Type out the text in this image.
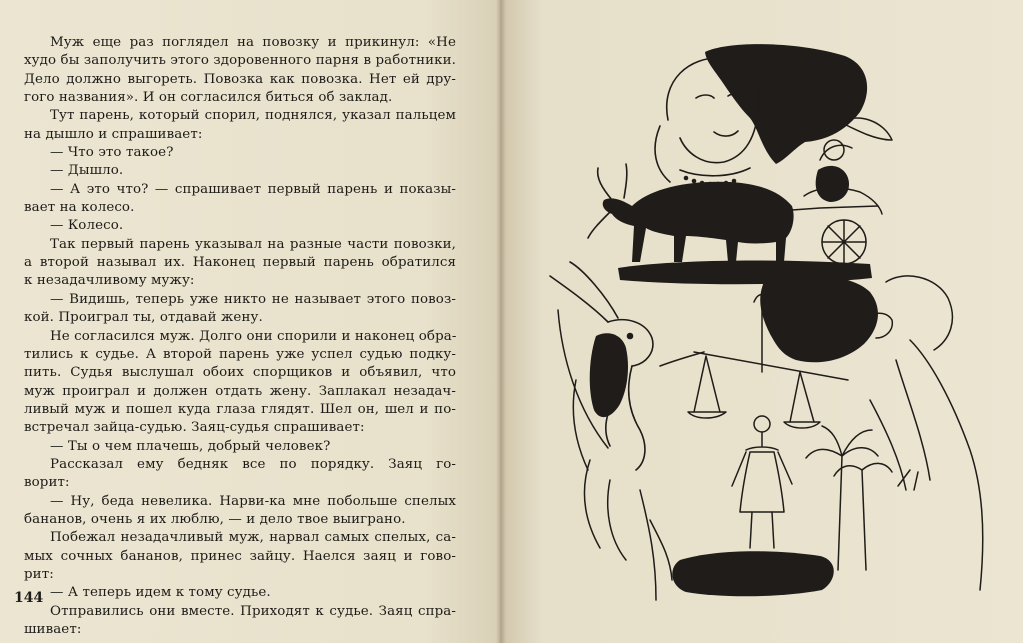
Муж еще раз поглядел на повозку и прикинул: «Не
худо бы заполучить этого здоровенного парня в работники.
Дело должно выгореть. Повозка как повозка. Нет ей дру-
гого названия». И он согласился биться об заклад.
Тут парень, который спорил, поднялся, указал пальцем
на дышло и спрашивает:
— Что это такое?
— Дышло.
— А это что? — спрашивает первый парень и показы-
вает на колесо.
— Колесо.
Так первый парень указывал на разные части повозки,
а второй называл их. Наконец первый парень обратился
к незадачливому мужу:
— Видишь, теперь уже никто не называет этого повоз-
кой. Проиграл ты, отдавай жену.
Не согласился муж. Долго они спорили и наконец обра-
тились к судье. А второй парень уже успел судью подку-
пить. Судья выслушал обоих спорщиков и объявил, что
муж проиграл и должен отдать жену. Заплакал незадач-
ливый муж и пошел куда глаза глядят. Шел он, шел и по-
встречал зайца-судью. Заяц-судья спрашивает:
— Ты о чем плачешь, добрый человек?
Рассказал ему бедняк все по порядку. Заяц го-
ворит:
— Ну, беда невелика. Нарви-ка мне побольше спелых
бананов, очень я их люблю, — и дело твое выиграно.
Побежал незадачливый муж, нарвал самых спелых, са-
мых сочных бананов, принес зайцу. Наелся заяц и гово-
рит:
— А теперь идем к тому судье.
Отправились они вместе. Приходят к судье. Заяц спра-
шивает:
144
